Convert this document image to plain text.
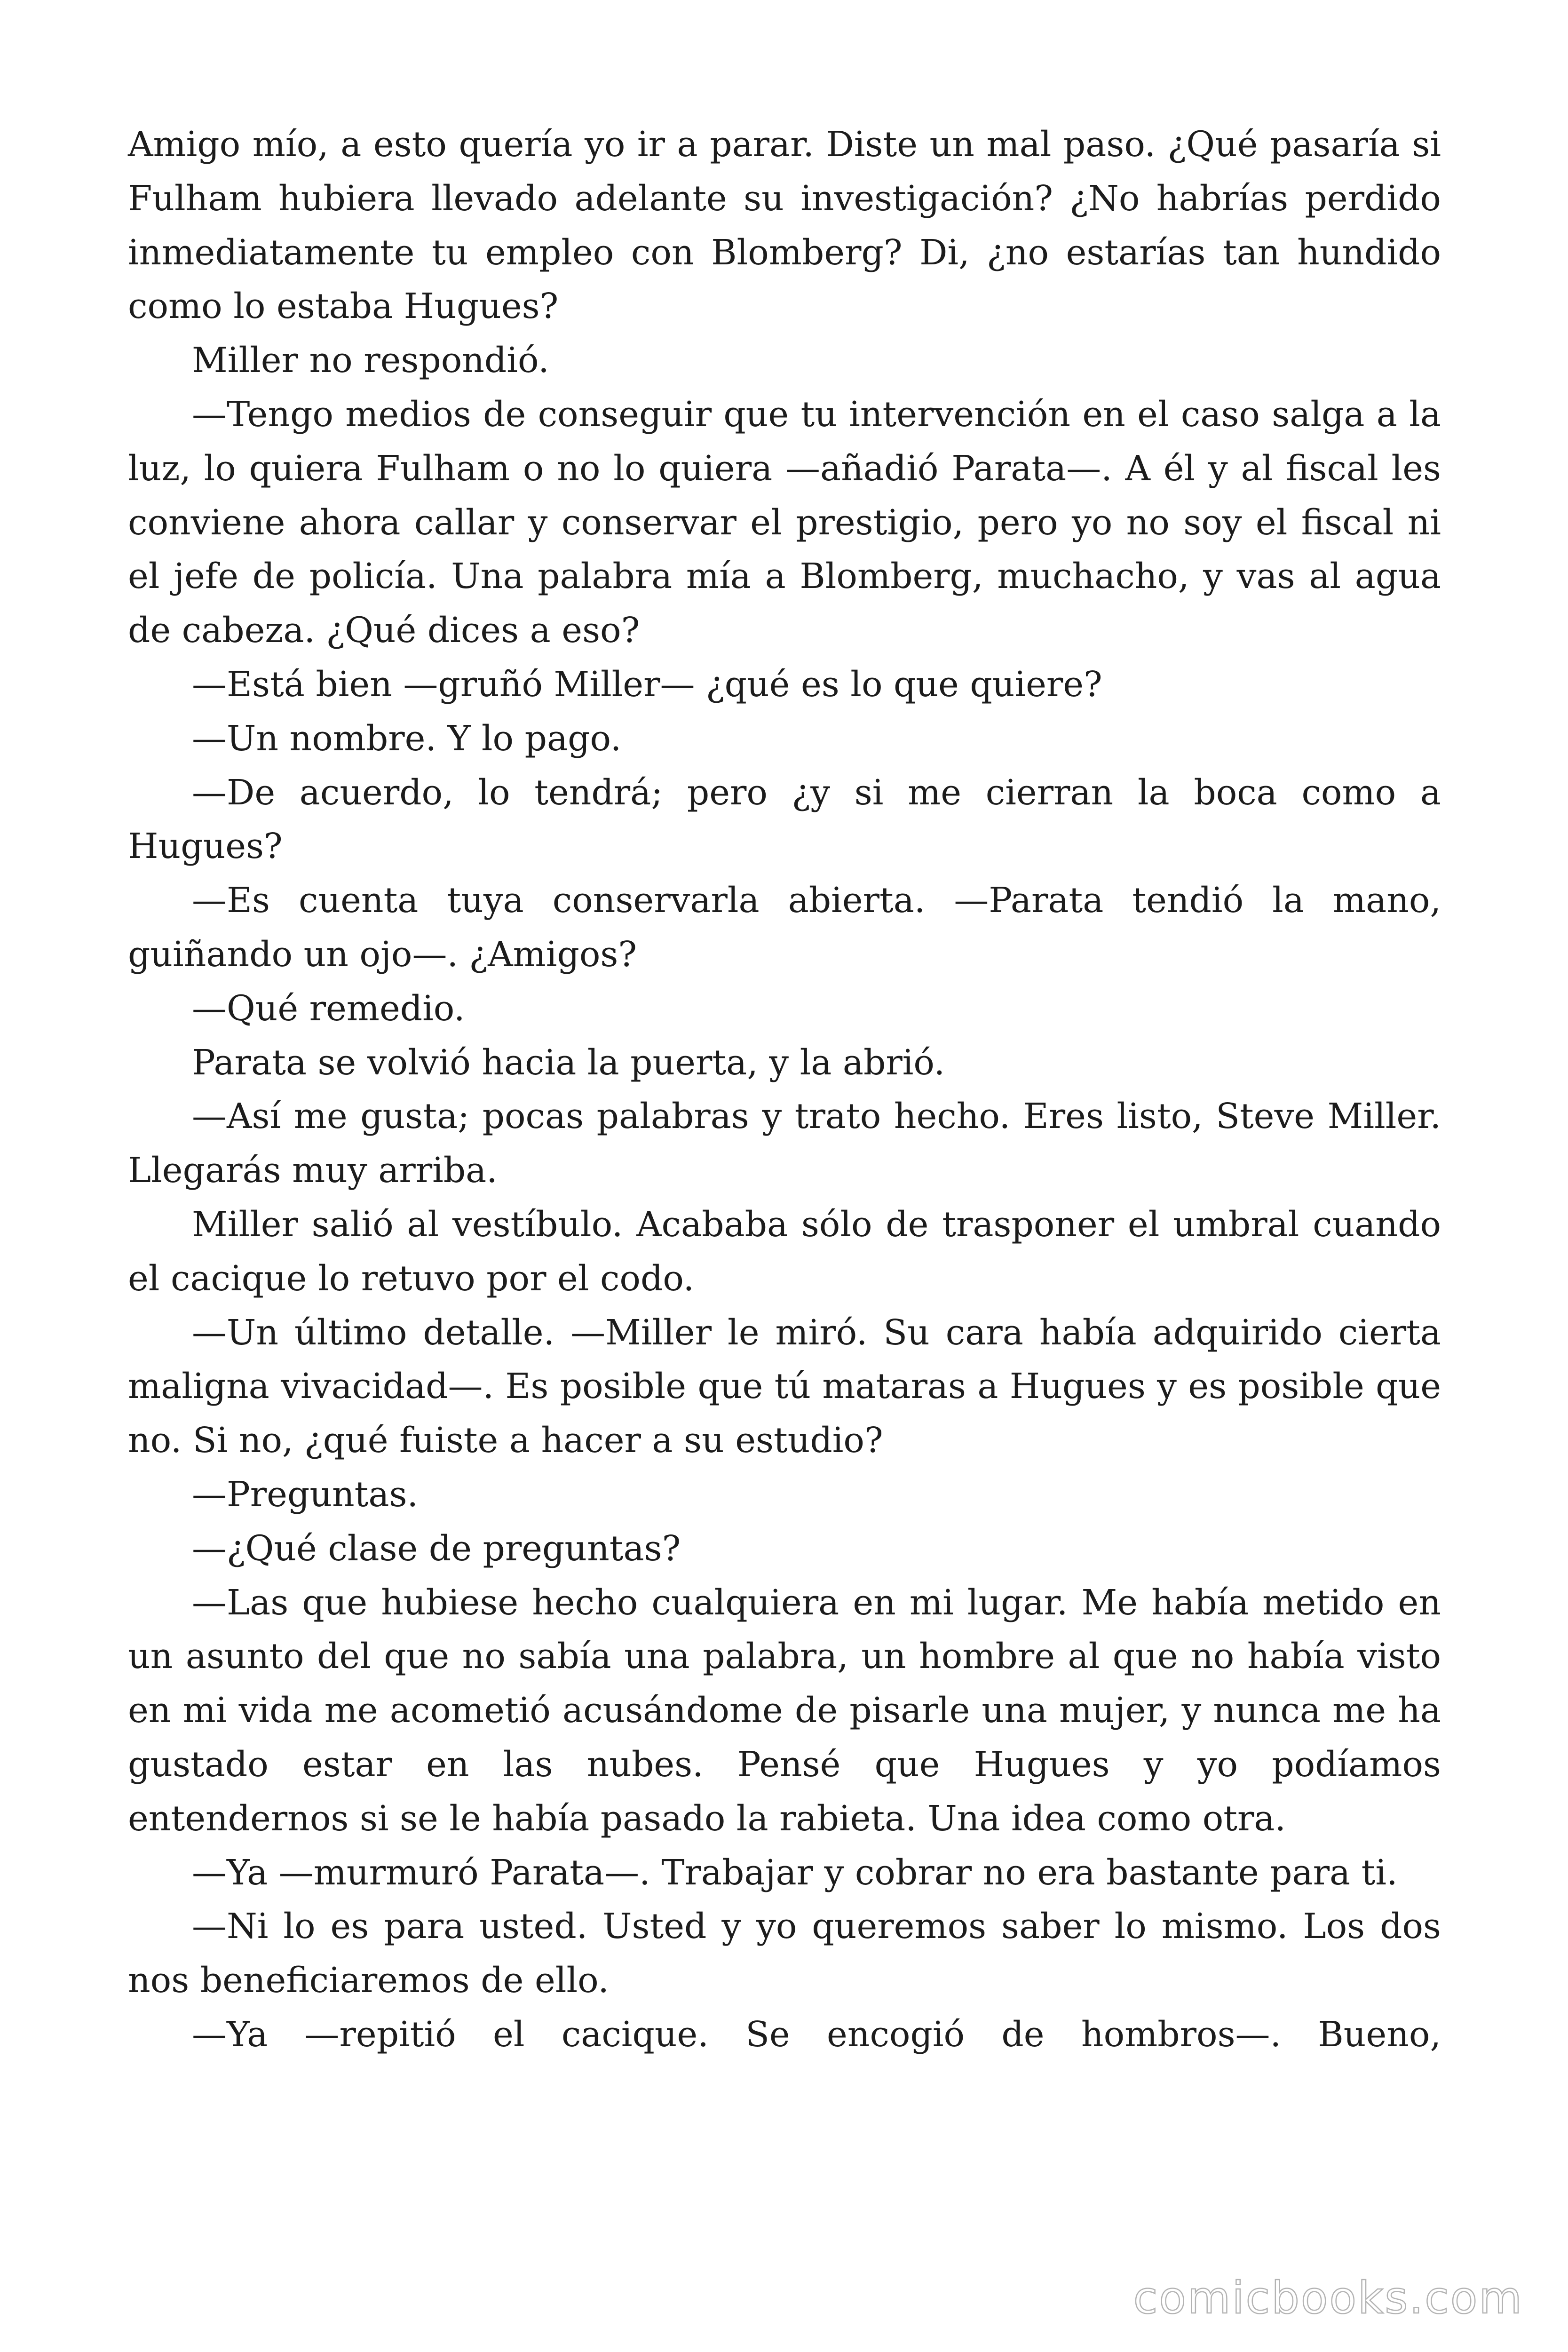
Amigo mío, a esto quería yo ir a parar. Diste un mal paso. ¿Qué pasaría si Fulham hubiera llevado adelante su investigación? ¿No habrías perdido inmediatamente tu empleo con Blomberg? Di, ¿no estarías tan hundido como lo estaba Hugues?

Miller no respondió.

—Tengo medios de conseguir que tu intervención en el caso salga a la luz, lo quiera Fulham o no lo quiera —añadió Parata—. A él y al fiscal les conviene ahora callar y conservar el prestigio, pero yo no soy el fiscal ni el jefe de policía. Una palabra mía a Blomberg, muchacho, y vas al agua de cabeza. ¿Qué dices a eso?

—Está bien —gruñó Miller— ¿qué es lo que quiere?

—Un nombre. Y lo pago.

—De acuerdo, lo tendrá; pero ¿y si me cierran la boca como a Hugues?

—Es cuenta tuya conservarla abierta. —Parata tendió la mano, guiñando un ojo—. ¿Amigos?

—Qué remedio.

Parata se volvió hacia la puerta, y la abrió.

—Así me gusta; pocas palabras y trato hecho. Eres listo, Steve Miller. Llegarás muy arriba.

Miller salió al vestíbulo. Acababa sólo de trasponer el umbral cuando el cacique lo retuvo por el codo.

—Un último detalle. —Miller le miró. Su cara había adquirido cierta maligna vivacidad—. Es posible que tú mataras a Hugues y es posible que no. Si no, ¿qué fuiste a hacer a su estudio?

—Preguntas.

—¿Qué clase de preguntas?

—Las que hubiese hecho cualquiera en mi lugar. Me había metido en un asunto del que no sabía una palabra, un hombre al que no había visto en mi vida me acometió acusándome de pisarle una mujer, y nunca me ha gustado estar en las nubes. Pensé que Hugues y yo podíamos entendernos si se le había pasado la rabieta. Una idea como otra.

—Ya —murmuró Parata—. Trabajar y cobrar no era bastante para ti.

—Ni lo es para usted. Usted y yo queremos saber lo mismo. Los dos nos beneficiaremos de ello.

—Ya —repitió el cacique. Se encogió de hombros—. Bueno,

comicbooks.com
